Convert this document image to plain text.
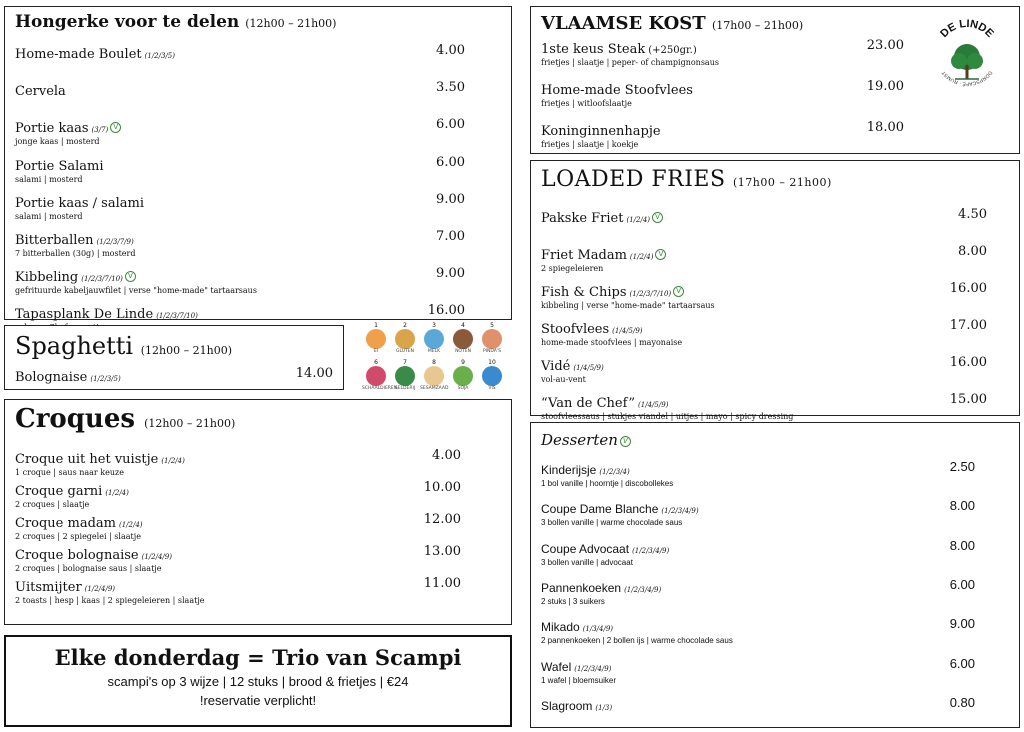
Hongerke voor te delen (12h00 – 21h00)
Home-made Boulet (1/2/3/5)	4.00
Cervela	3.50
Portie kaas (3/7) V	6.00
jonge kaas | mosterd
Portie Salami	6.00
salami | mosterd
Portie kaas / salami	9.00
salami | mosterd
Bitterballen (1/2/3/7/9)	7.00
7 bitterballen (30g) | mosterd
Kibbeling (1/2/3/7/10) V	9.00
gefrituurde kabeljauwfilet | verse "home-made" tartaarsaus
Tapasplank De Linde (1/2/3/7/10)	16.00
Spaghetti (12h00 – 21h00)
Bolognaise (1/2/3/5)	14.00
1
EI
2
GLUTEN
3
MELK
4
NOTEN
5
PINDA'S
6
SCHAALDIEREN
7
SELDERIJ
8
SESAMZAAD
9
SOJA
10
VIS
Croques (12h00 – 21h00)
Croque uit het vuistje (1/2/4)	4.00
1 croque | saus naar keuze
Croque garni (1/2/4)	10.00
2 croques | slaatje
Croque madam (1/2/4)	12.00
2 croques | 2 spiegelei | slaatje
Croque bolognaise (1/2/4/9)	13.00
2 croques | bolognaise saus | slaatje
Uitsmijter (1/2/4/9)	11.00
2 toasts | hesp | kaas | 2 spiegeleieren | slaatje
Elke donderdag = Trio van Scampi
scampi's op 3 wijze | 12 stuks | brood & frietjes | €24
!reservatie verplicht!
VLAAMSE KOST (17h00 – 21h00)
1ste keus Steak (+250gr.)	23.00
frietjes | slaatje | peper- of champignonsaus
Home-made Stoofvlees	19.00
frietjes | witloofslaatje
Koninginnenhapje	18.00
frietjes | slaatje | koekje
DE LINDE
DORPSCAFÉ · RUMST
LOADED FRIES (17h00 – 21h00)
Pakske Friet (1/2/4) V	4.50
Friet Madam (1/2/4) V	8.00
2 spiegeleieren
Fish & Chips (1/2/3/7/10) V	16.00
kibbeling | verse "home-made" tartaarsaus
Stoofvlees (1/4/5/9)	17.00
home-made stoofvlees | mayonaise
Vidé (1/4/5/9)	16.00
vol-au-vent
“Van de Chef” (1/4/5/9)	15.00
stoofvleessaus | stukjes viandel | uitjes | mayo | spicy dressing
Desserten V
Kinderijsje (1/2/3/4)	2.50
1 bol vanille | hoorntje | discobollekes
Coupe Dame Blanche (1/2/3/4/9)	8.00
3 bollen vanille | warme chocolade saus
Coupe Advocaat (1/2/3/4/9)	8.00
3 bollen vanille | advocaat
Pannenkoeken (1/2/3/4/9)	6.00
2 stuks | 3 suikers
Mikado (1/3/4/9)	9.00
2 pannenkoeken | 2 bollen ijs | warme chocolade saus
Wafel (1/2/3/4/9)	6.00
1 wafel | bloemsuiker
Slagroom (1/3)	0.80
